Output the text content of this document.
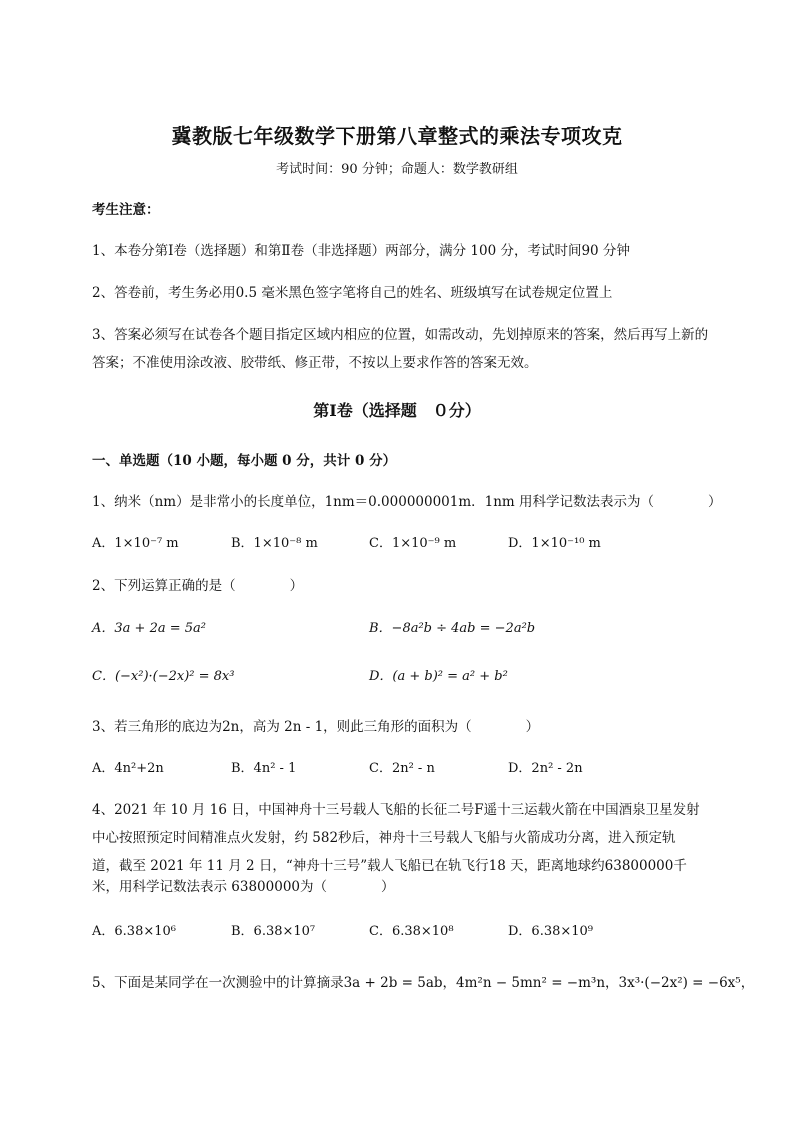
冀教版七年级数学下册第八章整式的乘法专项攻克
考试时间：90 分钟；命题人：数学教研组
考生注意：
1、本卷分第Ⅰ卷（选择题）和第Ⅱ卷（非选择题）两部分，满分 100 分，考试时间90 分钟
2、答卷前，考生务必用0.5 毫米黑色签字笔将自己的姓名、班级填写在试卷规定位置上
3、答案必须写在试卷各个题目指定区域内相应的位置，如需改动，先划掉原来的答案，然后再写上新的答案；不准使用涂改液、胶带纸、修正带，不按以上要求作答的答案无效。
第Ⅰ卷（选择题　０分）
一、单选题（10 小题，每小题 0 分，共计 0 分）
1、纳米（nm）是非常小的长度单位，1nm＝0.000000001m．1nm 用科学记数法表示为（　　　　）
A．1×10⁻⁷ m	B．1×10⁻⁸ m	C．1×10⁻⁹ m	D．1×10⁻¹⁰ m
2、下列运算正确的是（　　　　）
A．3a + 2a = 5a²	B．−8a²b ÷ 4ab = −2a²b
C．(−x²)·(−2x)² = 8x³	D．(a + b)² = a² + b²
3、若三角形的底边为2n，高为 2n - 1，则此三角形的面积为（　　　　）
A．4n²+2n	B．4n² - 1	C．2n² - n	D．2n² - 2n
4、2021 年 10 月 16 日，中国神舟十三号载人飞船的长征二号F遥十三运载火箭在中国酒泉卫星发射
中心按照预定时间精准点火发射，约 582秒后，神舟十三号载人飞船与火箭成功分离，进入预定轨
道，截至 2021 年 11 月 2 日，“神舟十三号”载人飞船已在轨飞行18 天，距离地球约63800000千
米，用科学记数法表示 63800000为（　　　　）
A．6.38×10⁶	B．6.38×10⁷	C．6.38×10⁸	D．6.38×10⁹
5、下面是某同学在一次测验中的计算摘录3a + 2b = 5ab，4m²n − 5mn² = −m³n，3x³·(−2x²) = −6x⁵，
